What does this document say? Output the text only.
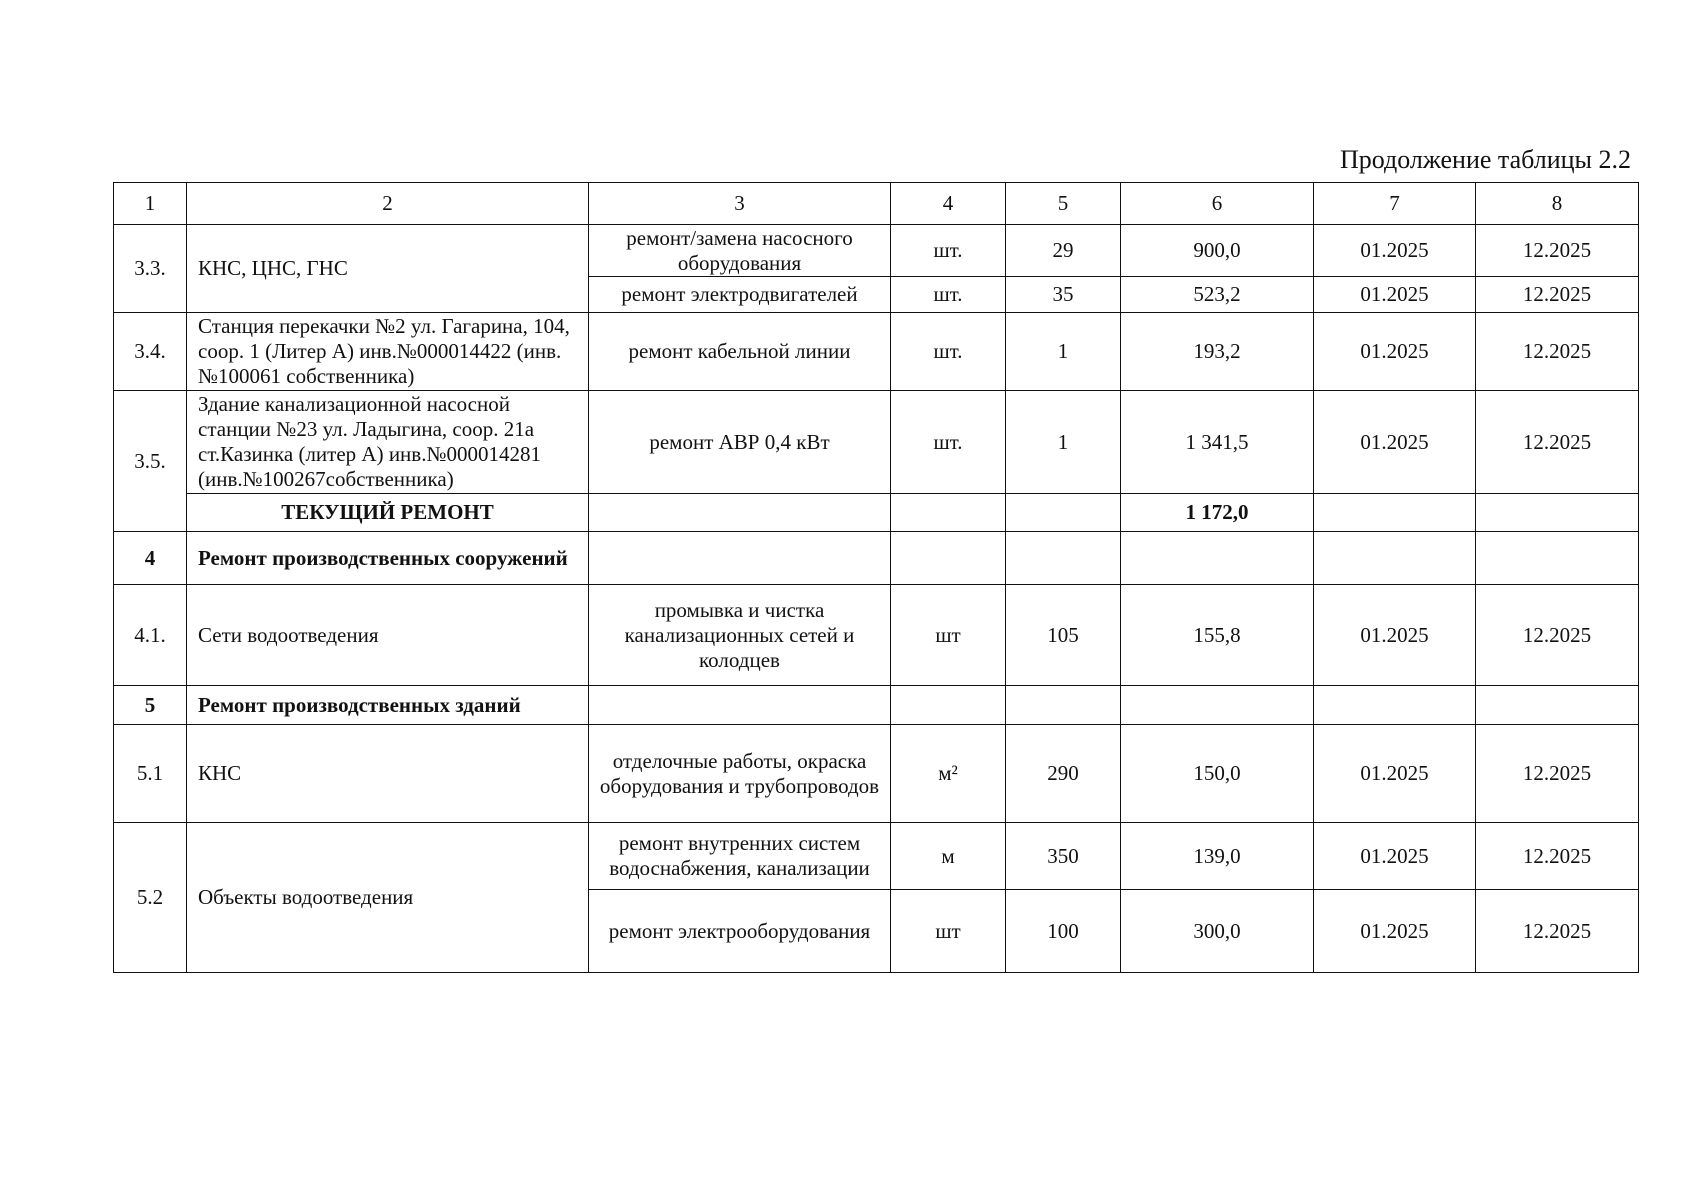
Продолжение таблицы 2.2
1	2	3	4	5	6	7	8
3.3.	КНС, ЦНС, ГНС	ремонт/замена насосного оборудования	шт.	29	900,0	01.2025	12.2025
		ремонт электродвигателей	шт.	35	523,2	01.2025	12.2025
3.4.	Станция перекачки №2 ул. Гагарина, 104, соор. 1 (Литер А) инв.№000014422 (инв.№100061 собственника)	ремонт кабельной линии	шт.	1	193,2	01.2025	12.2025
3.5.	Здание канализационной насосной станции №23 ул. Ладыгина, соор. 21а ст.Казинка (литер А) инв.№000014281 (инв.№100267собственника)	ремонт АВР 0,4 кВт	шт.	1	1 341,5	01.2025	12.2025
	ТЕКУЩИЙ РЕМОНТ				1 172,0		
4	Ремонт производственных сооружений						
4.1.	Сети водоотведения	промывка и чистка канализационных сетей и колодцев	шт	105	155,8	01.2025	12.2025
5	Ремонт производственных зданий						
5.1	КНС	отделочные работы, окраска оборудования и трубопроводов	м²	290	150,0	01.2025	12.2025
5.2	Объекты водоотведения	ремонт внутренних систем водоснабжения, канализации	м	350	139,0	01.2025	12.2025
		ремонт электрооборудования	шт	100	300,0	01.2025	12.2025
